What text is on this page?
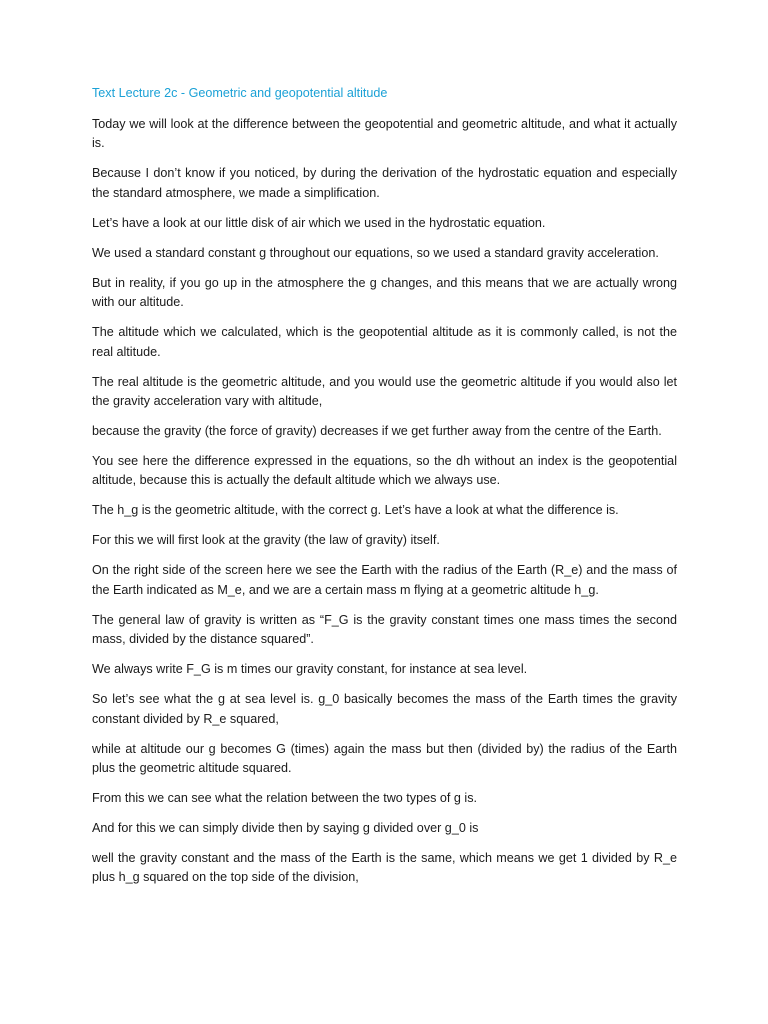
Text Lecture 2c - Geometric and geopotential altitude

Today we will look at the difference between the geopotential and geometric altitude, and what it actually is.

Because I don’t know if you noticed, by during the derivation of the hydrostatic equation and especially the standard atmosphere, we made a simplification.

Let’s have a look at our little disk of air which we used in the hydrostatic equation.

We used a standard constant g throughout our equations, so we used a standard gravity acceleration.

But in reality, if you go up in the atmosphere the g changes, and this means that we are actually wrong with our altitude.

The altitude which we calculated, which is the geopotential altitude as it is commonly called, is not the real altitude.

The real altitude is the geometric altitude, and you would use the geometric altitude if you would also let the gravity acceleration vary with altitude,

because the gravity (the force of gravity) decreases if we get further away from the centre of the Earth.

You see here the difference expressed in the equations, so the dh without an index is the geopotential altitude, because this is actually the default altitude which we always use.

The h_g is the geometric altitude, with the correct g. Let’s have a look at what the difference is.

For this we will first look at the gravity (the law of gravity) itself.

On the right side of the screen here we see the Earth with the radius of the Earth (R_e) and the mass of the Earth indicated as M_e, and we are a certain mass m flying at a geometric altitude h_g.

The general law of gravity is written as “F_G is the gravity constant times one mass times the second mass, divided by the distance squared”.

We always write F_G is m times our gravity constant, for instance at sea level.

So let’s see what the g at sea level is. g_0 basically becomes the mass of the Earth times the gravity constant divided by R_e squared,

while at altitude our g becomes G (times) again the mass but then (divided by) the radius of the Earth plus the geometric altitude squared.

From this we can see what the relation between the two types of g is.

And for this we can simply divide then by saying g divided over g_0 is

well the gravity constant and the mass of the Earth is the same, which means we get 1 divided by R_e plus h_g squared on the top side of the division,
